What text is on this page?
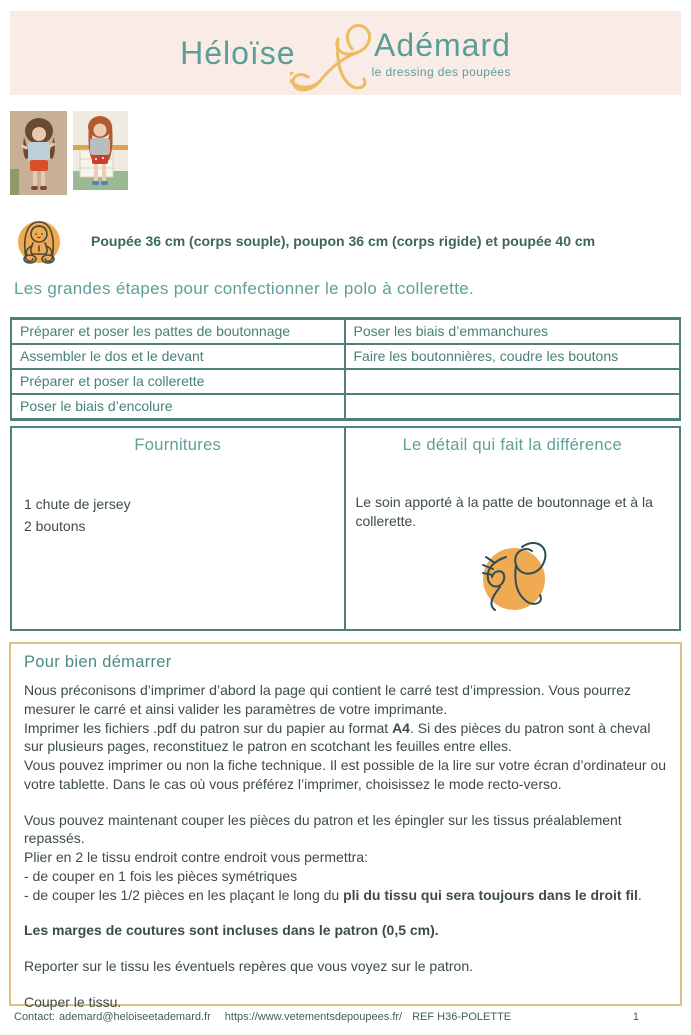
Héloïse Adémard
le dressing des poupées
Poupée 36 cm (corps souple), poupon 36 cm (corps rigide) et poupée 40 cm
Les grandes étapes pour confectionner le polo à collerette.
Préparer et poser les pattes de boutonnage	Poser les biais d’emmanchures
Assembler le dos et le devant	Faire les boutonnières, coudre les boutons
Préparer et poser la collerette
Poser le biais d’encolure
Fournitures
1 chute de jersey
2 boutons
Le détail qui fait la différence
Le soin apporté à la patte de boutonnage et à la collerette.
Pour bien démarrer
Nous préconisons d’imprimer d’abord la page qui contient le carré test d’impression. Vous pourrez mesurer le carré et ainsi valider les paramètres de votre imprimante.
Imprimer les fichiers .pdf du patron sur du papier au format A4. Si des pièces du patron sont à cheval sur plusieurs pages, reconstituez le patron en scotchant les feuilles entre elles.
Vous pouvez imprimer ou non la fiche technique. Il est possible de la lire sur votre écran d’ordinateur ou votre tablette. Dans le cas où vous préférez l’imprimer, choisissez le mode recto-verso.
Vous pouvez maintenant couper les pièces du patron et les épingler sur les tissus préalablement repassés.
Plier en 2 le tissu endroit contre endroit vous permettra:
- de couper en 1 fois les pièces symétriques
- de couper les 1/2 pièces en les plaçant le long du pli du tissu qui sera toujours dans le droit fil.
Les marges de coutures sont incluses dans le patron (0,5 cm).
Reporter sur le tissu les éventuels repères que vous voyez sur le patron.
Couper le tissu.
Contact: ademard@heloiseetademard.fr https://www.vetementsdepoupees.fr/ REF H36-POLETTE	1
